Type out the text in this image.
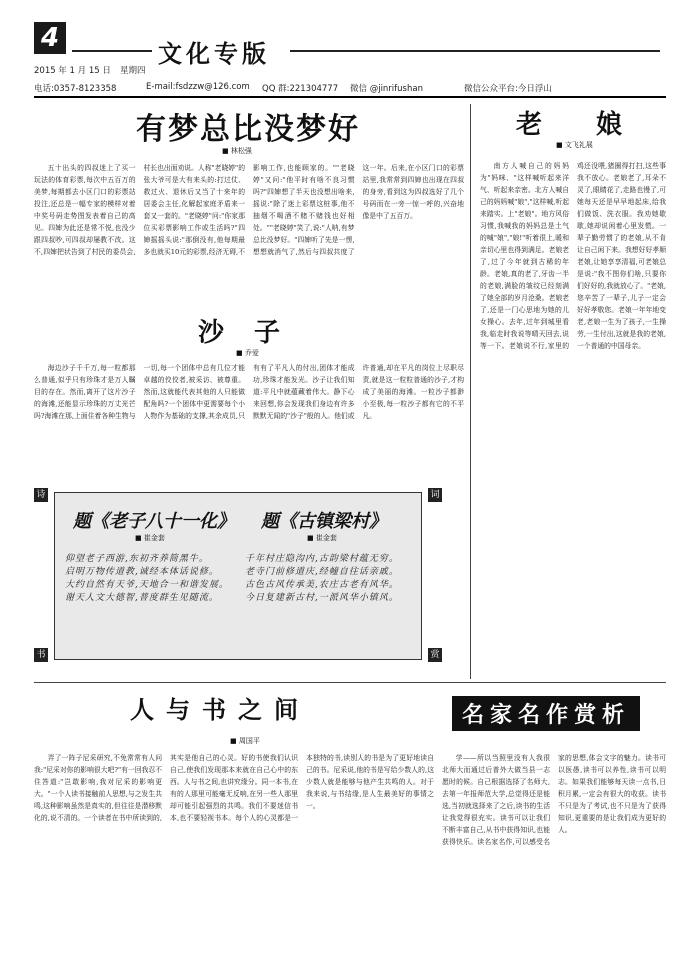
4
文化专版
2015 年 1 月 15 日 星期四
电话:0357-8123358	E-mail:fsdzzw@126.com QQ 群:221304777 微信 @jinrifushan	微信公众平台:今日浮山
有梦总比没梦好
■ 林松强

五十出头的四叔迷上了买一玩法的体育彩票,每次中五百万的美梦,每期都去小区门口的彩票站投注,还总是一幅专家的模样对着中奖号码走势图发表着自己的高见。四婶为此还是常不悦,也没少跟四叔吵,可四叔却屡教不改。这不,四婶把状告到了村民的委员会,村长也出面劝说。人称"老晓婷"的张大爷可是大有来头的:打过仗、救过火、退休后又当了十来年的居委会主任,化解起家庭矛盾来一套又一套的。"老晓婷"问:"你家那位买彩票影响工作或生活吗?"四婶摇摇头说:"那倒没有,他每期最多也就买10元的彩票,经济无碍,不影响工作,也能顾家的。""老晓婷"又问:"他平时有啥不良习惯吗?"四婶想了半天也没想出啥来,摇说:"除了迷上彩票这桩事,他不抽烟不喝酒不赌不赌钱也好相处。""老晓婷"笑了,说:"人呐,有梦总比没梦好。"四婶听了先是一愣,想想就消气了,然后与四叔共度了这一年。后来,在小区门口的彩票站里,我常常到四婶也出现在四叔的身旁,看到这为四叔选好了几个号码而在一旁一惊一呼的,兴奋地像是中了五百万。

沙　子
■ 乔爱

海边沙子千千万,每一粒都那么普通,似乎只有珍珠才是万人瞩目的存在。然而,离开了这片沙子的海滩,还能显示珍珠的万丈光芒吗?海滩在那,上面住着各种生物与一切,每一个团体中总有几位才能卓越的佼佼者,被采访、被尊重。然而,这就能代表其他的人只能做配角吗?一个团体中更需要每个小人物作为基础的支撑,其余成员,只有有了平凡人的付出,团体才能成功,珍珠才能发光。沙子让我们知道:平凡中就蕴藏着伟大。静下心来回想,你会发现我们身边有许多默默无闻的"沙子"般的人。他们或许普通,却在平凡的岗位上尽职尽责,就是这一粒粒普通的沙子,才构成了美丽的海滩。一粒沙子都渺小至极,每一粒沙子都有它的不平凡。

老　娘
■ 文飞礼展

南方人喊自己的妈妈为"妈咪、"这样喊听起来洋气、听起来亲密。北方人喊自己的妈妈喊"娘","这样喊,听起来踏实。上"老娘"。地方风俗习惯,我喊我的妈妈总是土气的喊"娘","娘!"听着很上,暖和亲切心里也得到满足。老娘老了,过了今年就到古稀的年龄。老娘,真的老了,牙齿一半的老娘,满脸的皱纹已经刻满了她全部的岁月沧桑。老娘老了,还是一门心思地为她的儿女操心。去年,过年到城里看我,临走时我说等晴天回去,说等一下。老娘说不行,家里的鸡还没喂,猪圈得打扫,这些事我不放心。老娘老了,耳朵不灵了,眼睛花了,走路也慢了,可她每天还是早早地起床,给我们做饭、洗衣服。我劝她歇歇,她却说闲着心里发慌。一辈子勤劳惯了的老娘,从不肯让自己闲下来。我想好好孝顺老娘,让她享享清福,可老娘总是说:"我不图你们啥,只要你们好好的,我就放心了。"老娘,您辛苦了一辈子,儿子一定会好好孝敬您。老娘一年年地变老,老娘一生为了孩子,一生操劳,一生付出,这就是我的老娘,一个普通的中国母亲。

诗	词
书	赏
题《老子八十一化》
■ 崔金套
仰望老子西游,东初齐养简黑牛。
启明万物传道教,诚经本体话说修。
大约自然有天爷,天地合一和谐发展。
谢天人文大德智,普度群生见随流。
题《古镇梁村》
■ 崔金套
千年村庄隐沟内,古韵梁村蕴无穷。
老寺门前修道庆,经幢自往话亲戚。
古色古风传承美,农庄古老有风华。
今日复建新古村,一派风华小镇风。
人与书之间
■ 周国平
名家名作赏析

弄了一阵子尼采研究,不免常常有人问我:"尼采对你的影响很大吧?"有一回我忍不住答道:"岂敢影响,我对尼采的影响更大。"一个人读书接触前人思想,与之发生共鸣,这种影响虽然是真实的,但往往是潜移默化的,说不清的。一个读者在书中所读到的,其实是他自己的心灵。好的书使我们认识自己,使我们发现那本来就在自己心中的东西。人与书之间,也讲究缘分。同一本书,在有的人那里可能毫无反响,在另一些人那里却可能引起强烈的共鸣。我们不要迷信书本,也不要轻视书本。每个人的心灵都是一本独特的书,读别人的书是为了更好地读自己的书。尼采说,他的书是写给少数人的,这少数人就是能够与他产生共鸣的人。对于我来说,与书结缘,是人生最美好的事情之一。

学——所以当照里没有人我很北师大而通过后普外大做当县一志愿时的候。自己根据选择了名师大,去第一年报师范大学,总觉得还是能选,当初就选择来了之后,读书的生活让我觉得很充实。读书可以让我们不断丰富自己,从书中获得知识,也能获得快乐。读名家名作,可以感受名家的思想,体会文字的魅力。读书可以医愚,读书可以养性,读书可以明志。如果我们能够每天读一点书,日积月累,一定会有很大的收获。读书不只是为了考试,也不只是为了获得知识,更重要的是让我们成为更好的人。
